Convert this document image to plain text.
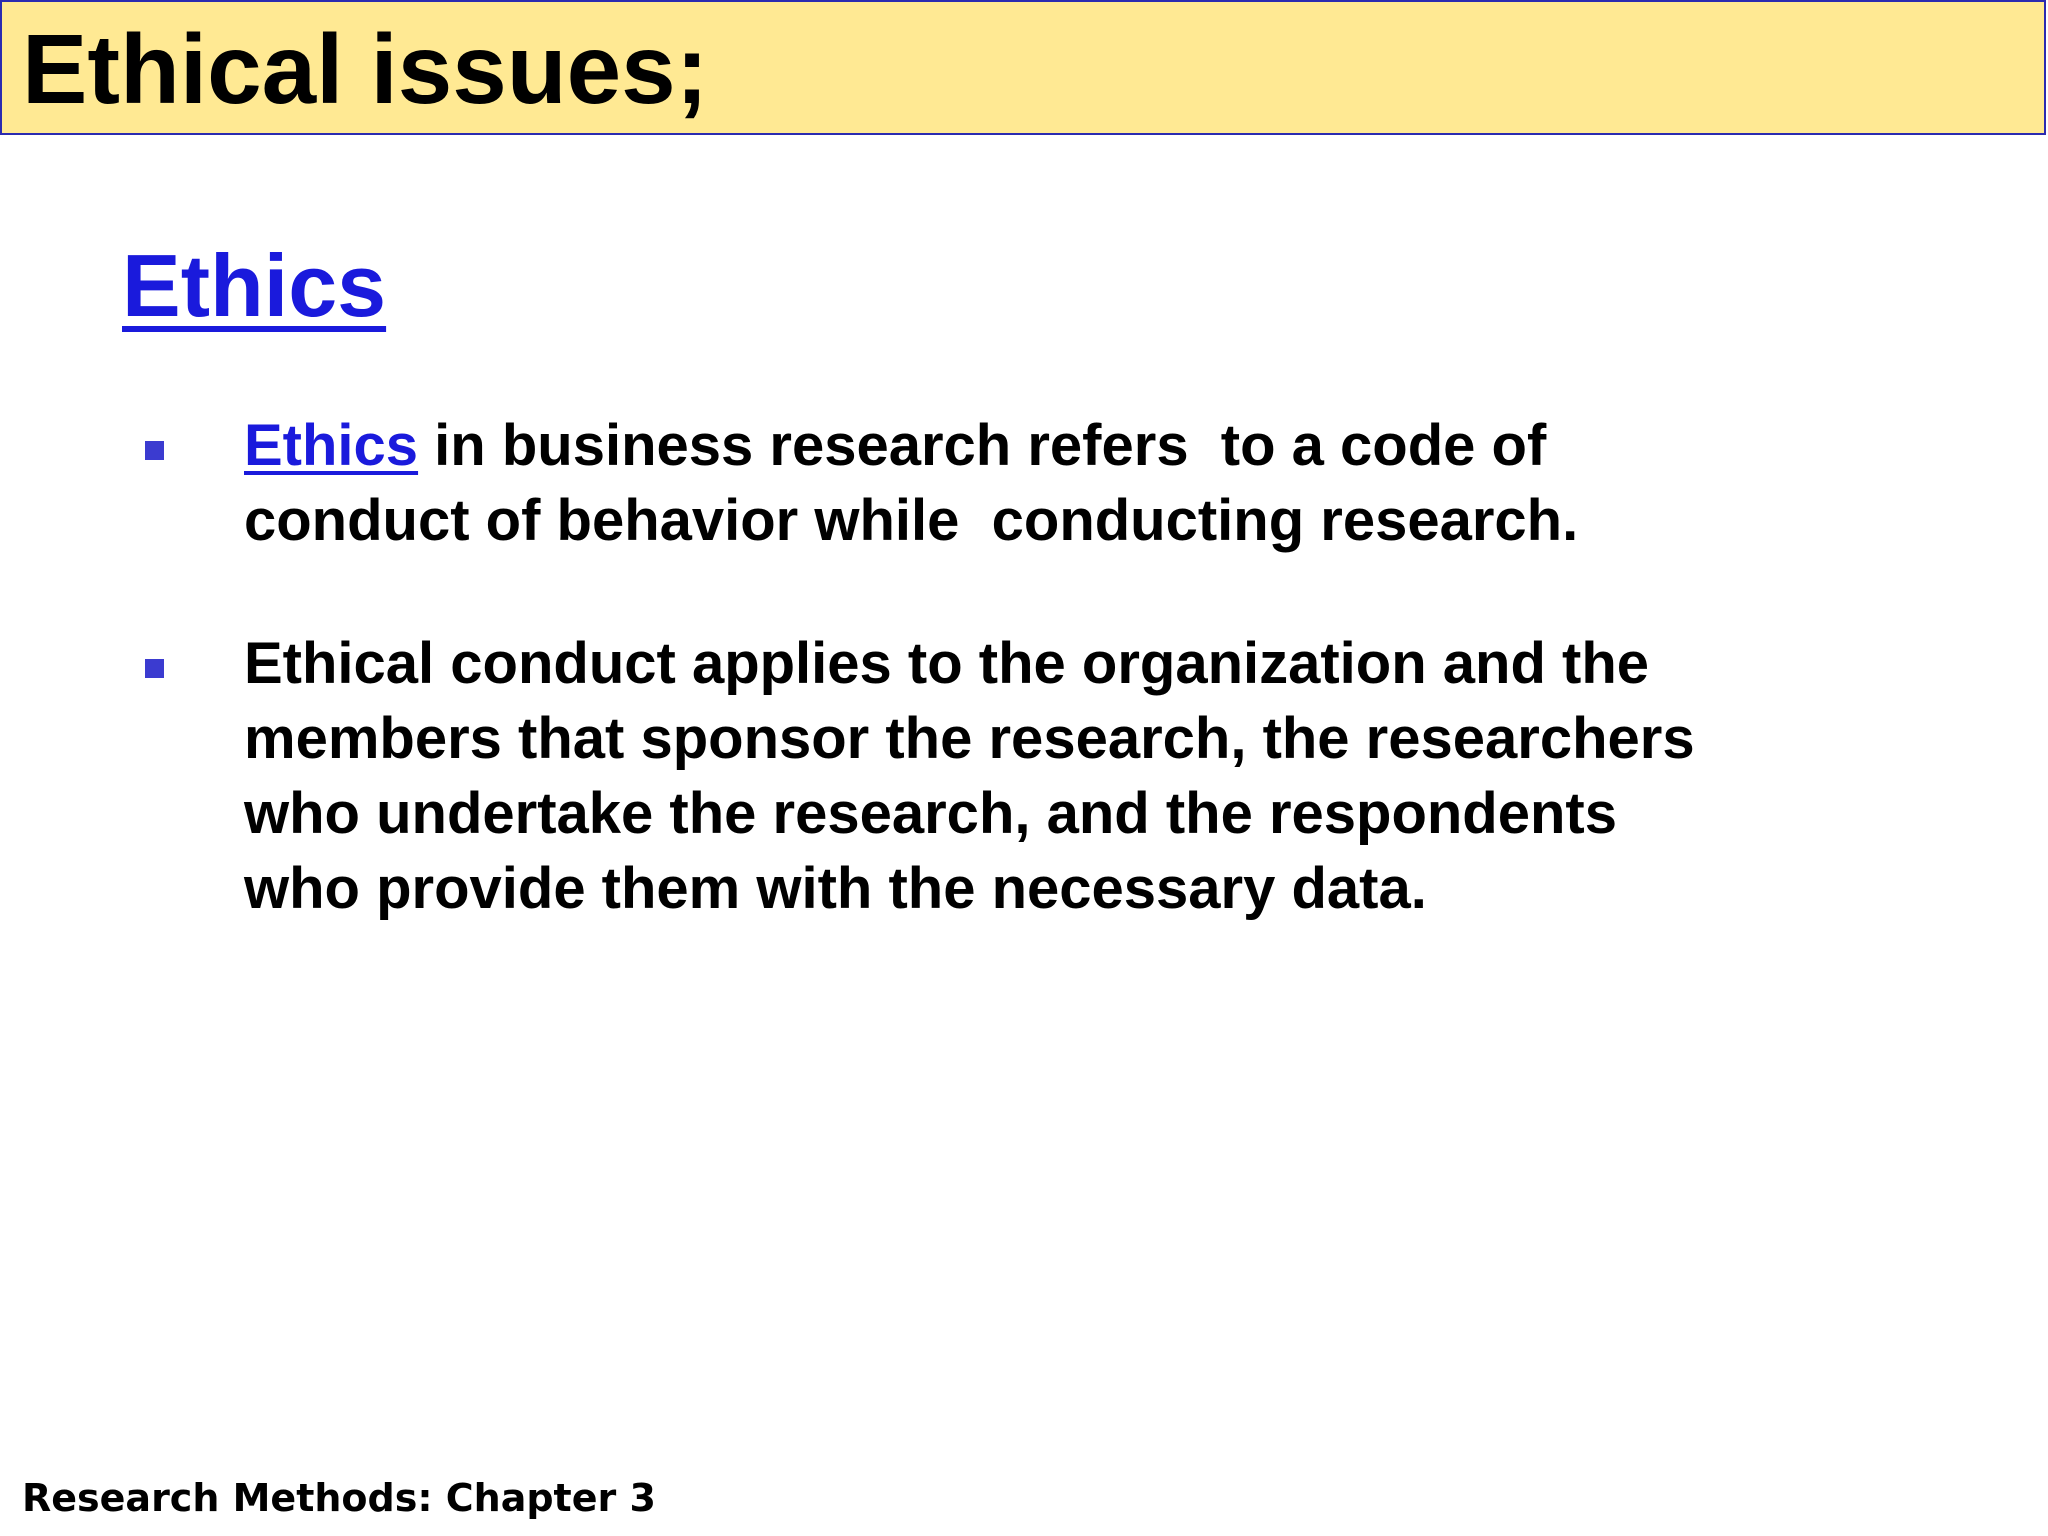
Ethical issues;
Ethics
Ethics in business research refers  to a code of
conduct of behavior while  conducting research.
Ethical conduct applies to the organization and the
members that sponsor the research, the researchers
who undertake the research, and the respondents
who provide them with the necessary data.
Research Methods: Chapter 3
